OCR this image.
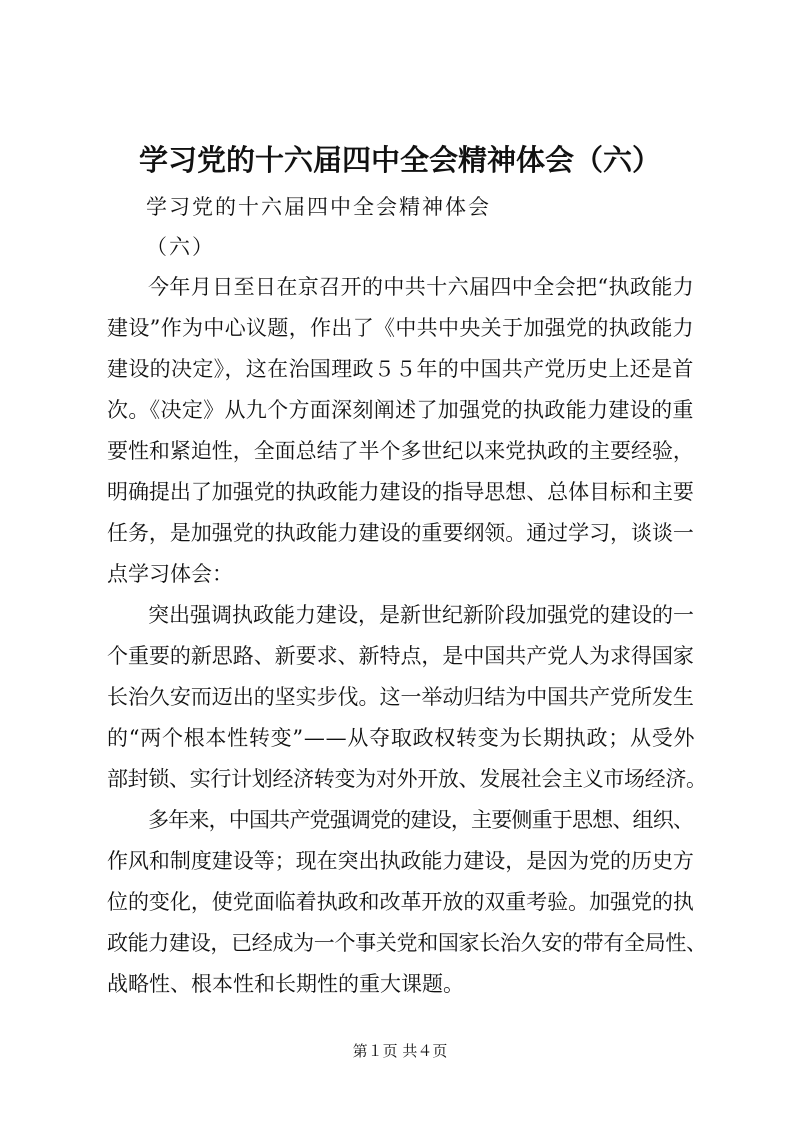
学习党的十六届四中全会精神体会（六）
学习党的十六届四中全会精神体会
（六）
今年月日至日在京召开的中共十六届四中全会把“执政能力
建设”作为中心议题，作出了《中共中央关于加强党的执政能力
建设的决定》，这在治国理政５５年的中国共产党历史上还是首
次。《决定》从九个方面深刻阐述了加强党的执政能力建设的重
要性和紧迫性，全面总结了半个多世纪以来党执政的主要经验，
明确提出了加强党的执政能力建设的指导思想、总体目标和主要
任务，是加强党的执政能力建设的重要纲领。通过学习，谈谈一
点学习体会：
突出强调执政能力建设，是新世纪新阶段加强党的建设的一
个重要的新思路、新要求、新特点，是中国共产党人为求得国家
长治久安而迈出的坚实步伐。这一举动归结为中国共产党所发生
的“两个根本性转变”——从夺取政权转变为长期执政；从受外
部封锁、实行计划经济转变为对外开放、发展社会主义市场经济。
多年来，中国共产党强调党的建设，主要侧重于思想、组织、
作风和制度建设等；现在突出执政能力建设，是因为党的历史方
位的变化，使党面临着执政和改革开放的双重考验。加强党的执
政能力建设，已经成为一个事关党和国家长治久安的带有全局性、
战略性、根本性和长期性的重大课题。
第１页 共４页
